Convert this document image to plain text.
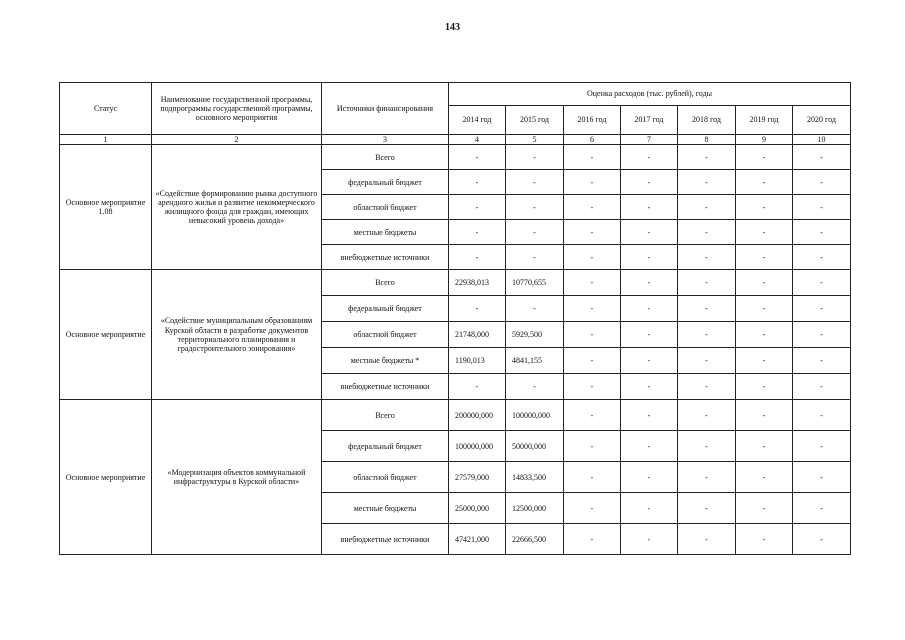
143
Статус	Наименование государственной программы, подпрограммы государственной программы, основного мероприятия	Источники финансирования	Оценка расходов (тыс. рублей), годы						
			2014 год	2015 год	2016 год	2017 год	2018 год	2019 год	2020 год
1	2	3	4	5	6	7	8	9	10
Основное мероприятие 1.08	«Содействие формированию рынка доступного арендного жилья и развитие некоммерческого жилищного фонда для граждан, имеющих невысокий уровень дохода»	Всего	-	-	-	-	-	-	-
		федеральный бюджет	-	-	-	-	-	-	-
		областной бюджет	-	-	-	-	-	-	-
		местные бюджеты	-	-	-	-	-	-	-
		внебюджетные источники	-	-	-	-	-	-	-
Основное мероприятие	«Содействие муниципальным образованиям Курской области в разработке документов территориального планирования и градостроительного зонирования»	Всего	22938,013	10770,655	-	-	-	-	-
		федеральный бюджет	-	-	-	-	-	-	-
		областной бюджет	21748,000	5929,500	-	-	-	-	-
		местные бюджеты *	1190,013	4841,155	-	-	-	-	-
		внебюджетные источники	-	-	-	-	-	-	-
Основное мероприятие	«Модернизация объектов коммунальной инфраструктуры в Курской области»	Всего	200000,000	100000,000	-	-	-	-	-
		федеральный бюджет	100000,000	50000,000	-	-	-	-	-
		областной бюджет	27579,000	14833,500	-	-	-	-	-
		местные бюджеты	25000,000	12500,000	-	-	-	-	-
		внебюджетные источники	47421,000	22666,500	-	-	-	-	-
